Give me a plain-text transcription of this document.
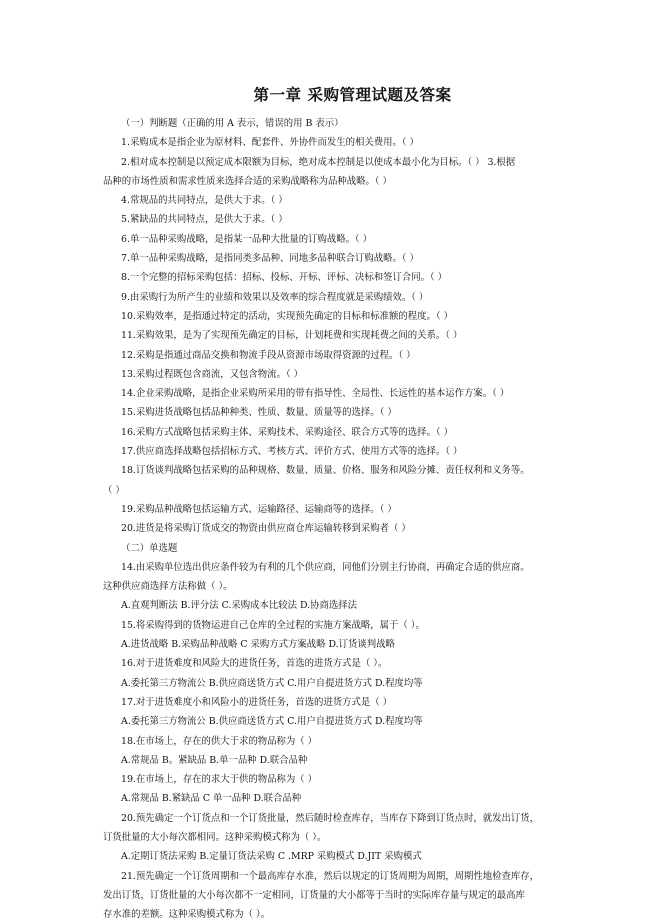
第一章 采购管理试题及答案
（一）判断题（正确的用 A 表示，错误的用 B 表示）
1.采购成本是指企业为原材料、配套件、外协件而发生的相关费用。（ ）
2.相对成本控制是以预定成本限额为目标，绝对成本控制是以使成本最小化为目标。（ ） 3.根据
品种的市场性质和需求性质来选择合适的采购战略称为品种战略。（ ）
4.常规品的共同特点，是供大于求。（ ）
5.紧缺品的共同特点，是供大于求。（ ）
6.单一品种采购战略，是指某一品种大批量的订购战略。（ ）
7.单一品种采购战略，是指同类多品种、同地多品种联合订购战略。（ ）
8.一个完整的招标采购包括：招标、投标、开标、评标、决标和签订合同。（ ）
9.由采购行为所产生的业绩和效果以及效率的综合程度就是采购绩效。（ ）
10.采购效率，是指通过特定的活动，实现预先确定的目标和标准额的程度。（ ）
11.采购效果，是为了实现预先确定的目标，计划耗费和实现耗费之间的关系。（ ）
12.采购是指通过商品交换和物流手段从资源市场取得资源的过程。（ ）
13.采购过程既包含商流，又包含物流。（ ）
14.企业采购战略，是指企业采购所采用的带有指导性、全局性、长远性的基本运作方案。（ ）
15.采购进货战略包括品种种类、性质、数量、质量等的选择。（ ）
16.采购方式战略包括采购主体、采购技术、采购途径、联合方式等的选择。（ ）
17.供应商选择战略包括招标方式、考核方式、评价方式、使用方式等的选择。（ ）
18.订货谈判战略包括采购的品种规格、数量、质量、价格、服务和风险分摊、责任权利和义务等。
（ ）
19.采购品种战略包括运输方式、运输路径、运输商等的选择。（ ）
20.进货是将采购订货成交的物资由供应商仓库运输转移到采购者（ ）
（二）单选题
14.由采购单位选出供应条件较为有利的几个供应商，同他们分别主行协商，再确定合适的供应商。
这种供应商选择方法称做（ ）。
A.直观判断法 B.评分法 C.采购成本比较法 D.协商选择法
15.将采购得到的货物运进自己仓库的全过程的实施方案战略，属于（ ）。
A.进货战略 B.采购品种战略 C 采购方式方案战略 D.订货谈判战略
16.对于进货难度和风险大的进货任务，首选的进货方式是（ ）。
A.委托第三方物流公 B.供应商送货方式 C.用户自提进货方式 D.程度均等
17.对于进货难度小和风险小的进货任务，首选的进货方式是（ ）
A.委托第三方物流公 B.供应商送货方式 C.用户自提进货方式 D.程度均等
18.在市场上，存在的供大于求的物品称为（ ）
A.常规品 B。紧缺品 B.单一品种 D.联合品种
19.在市场上，存在的求大于供的物品称为（ ）
A.常规品 B.紧缺品 C 单一品种 D.联合品种
20.预先确定一个订货点和一个订货批量，然后随时检查库存，当库存下降到订货点时，就发出订货，
订货批量的大小每次都相同。这种采购模式称为（ ）。
A.定期订货法采购 B.定量订货法采购 C .MRP 采购模式 D.JIT 采购模式
21.预先确定一个订货周期和一个最高库存水准，然后以规定的订货周期为周期，周期性地检查库存，
发出订货，订货批量的大小每次都不一定相同，订货量的大小都等于当时的实际库存量与规定的最高库
存水准的差额。这种采购模式称为（ ）。
